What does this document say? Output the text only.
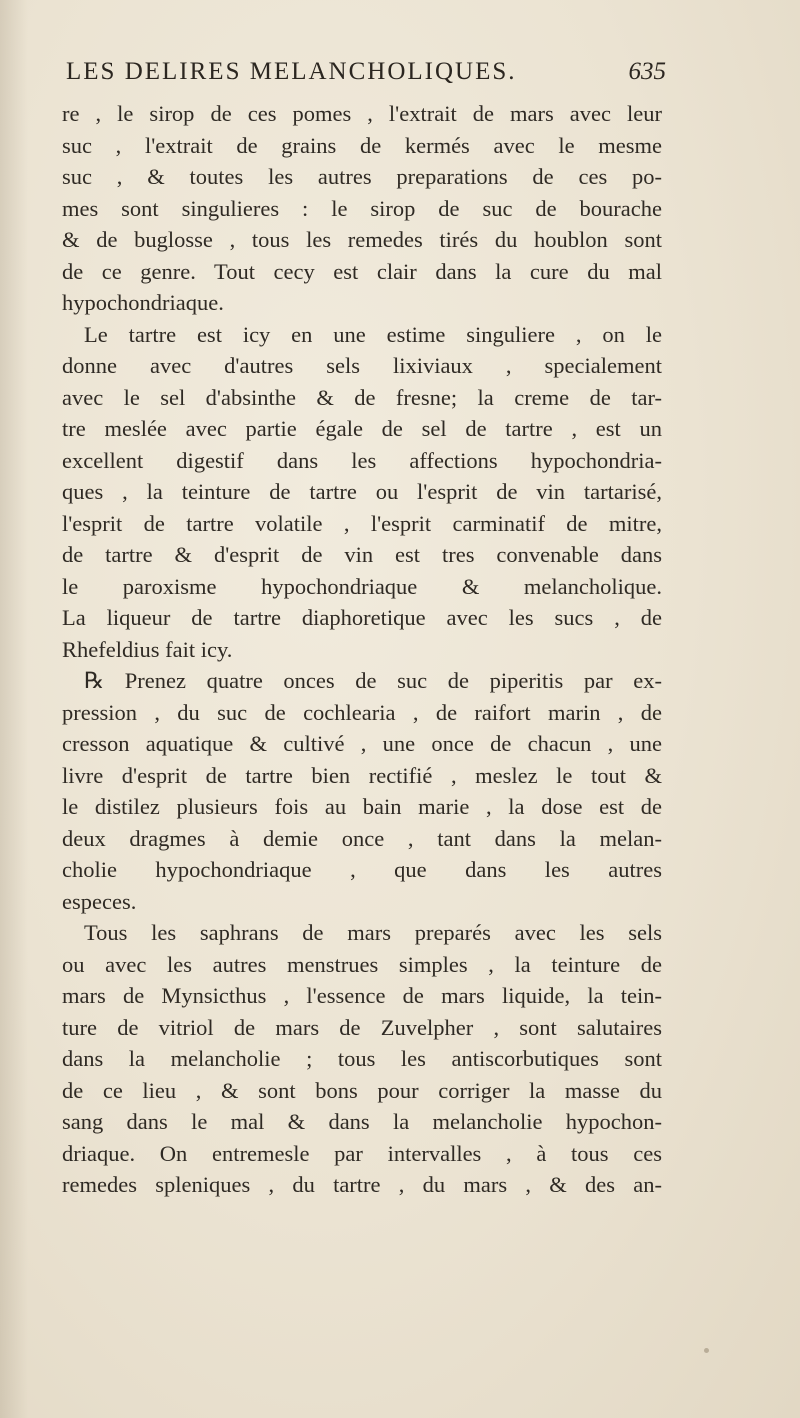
LES DELIRES MELANCHOLIQUES.	635
re , le sirop de ces pomes , l'extrait de mars avec leur
suc , l'extrait de grains de kermés avec le mesme
suc , & toutes les autres preparations de ces po-
mes sont singulieres : le sirop de suc de bourache
& de buglosse , tous les remedes tirés du houblon sont
de ce genre. Tout cecy est clair dans la cure du mal
hypochondriaque.
Le tartre est icy en une estime singuliere , on le
donne avec d'autres sels lixiviaux , specialement
avec le sel d'absinthe & de fresne; la creme de tar-
tre meslée avec partie égale de sel de tartre , est un
excellent digestif dans les affections hypochondria-
ques , la teinture de tartre ou l'esprit de vin tartarisé,
l'esprit de tartre volatile , l'esprit carminatif de mitre,
de tartre & d'esprit de vin est tres convenable dans
le paroxisme hypochondriaque & melancholique.
La liqueur de tartre diaphoretique avec les sucs , de
Rhefeldius fait icy.
℞ Prenez quatre onces de suc de piperitis par ex-
pression , du suc de cochlearia , de raifort marin , de
cresson aquatique & cultivé , une once de chacun , une
livre d'esprit de tartre bien rectifié , meslez le tout &
le distilez plusieurs fois au bain marie , la dose est de
deux dragmes à demie once , tant dans la melan-
cholie hypochondriaque , que dans les autres
especes.
Tous les saphrans de mars preparés avec les sels
ou avec les autres menstrues simples , la teinture de
mars de Mynsicthus , l'essence de mars liquide, la tein-
ture de vitriol de mars de Zuvelpher , sont salutaires
dans la melancholie ; tous les antiscorbutiques sont
de ce lieu , & sont bons pour corriger la masse du
sang dans le mal & dans la melancholie hypochon-
driaque. On entremesle par intervalles , à tous ces
remedes spleniques , du tartre , du mars , & des an-
